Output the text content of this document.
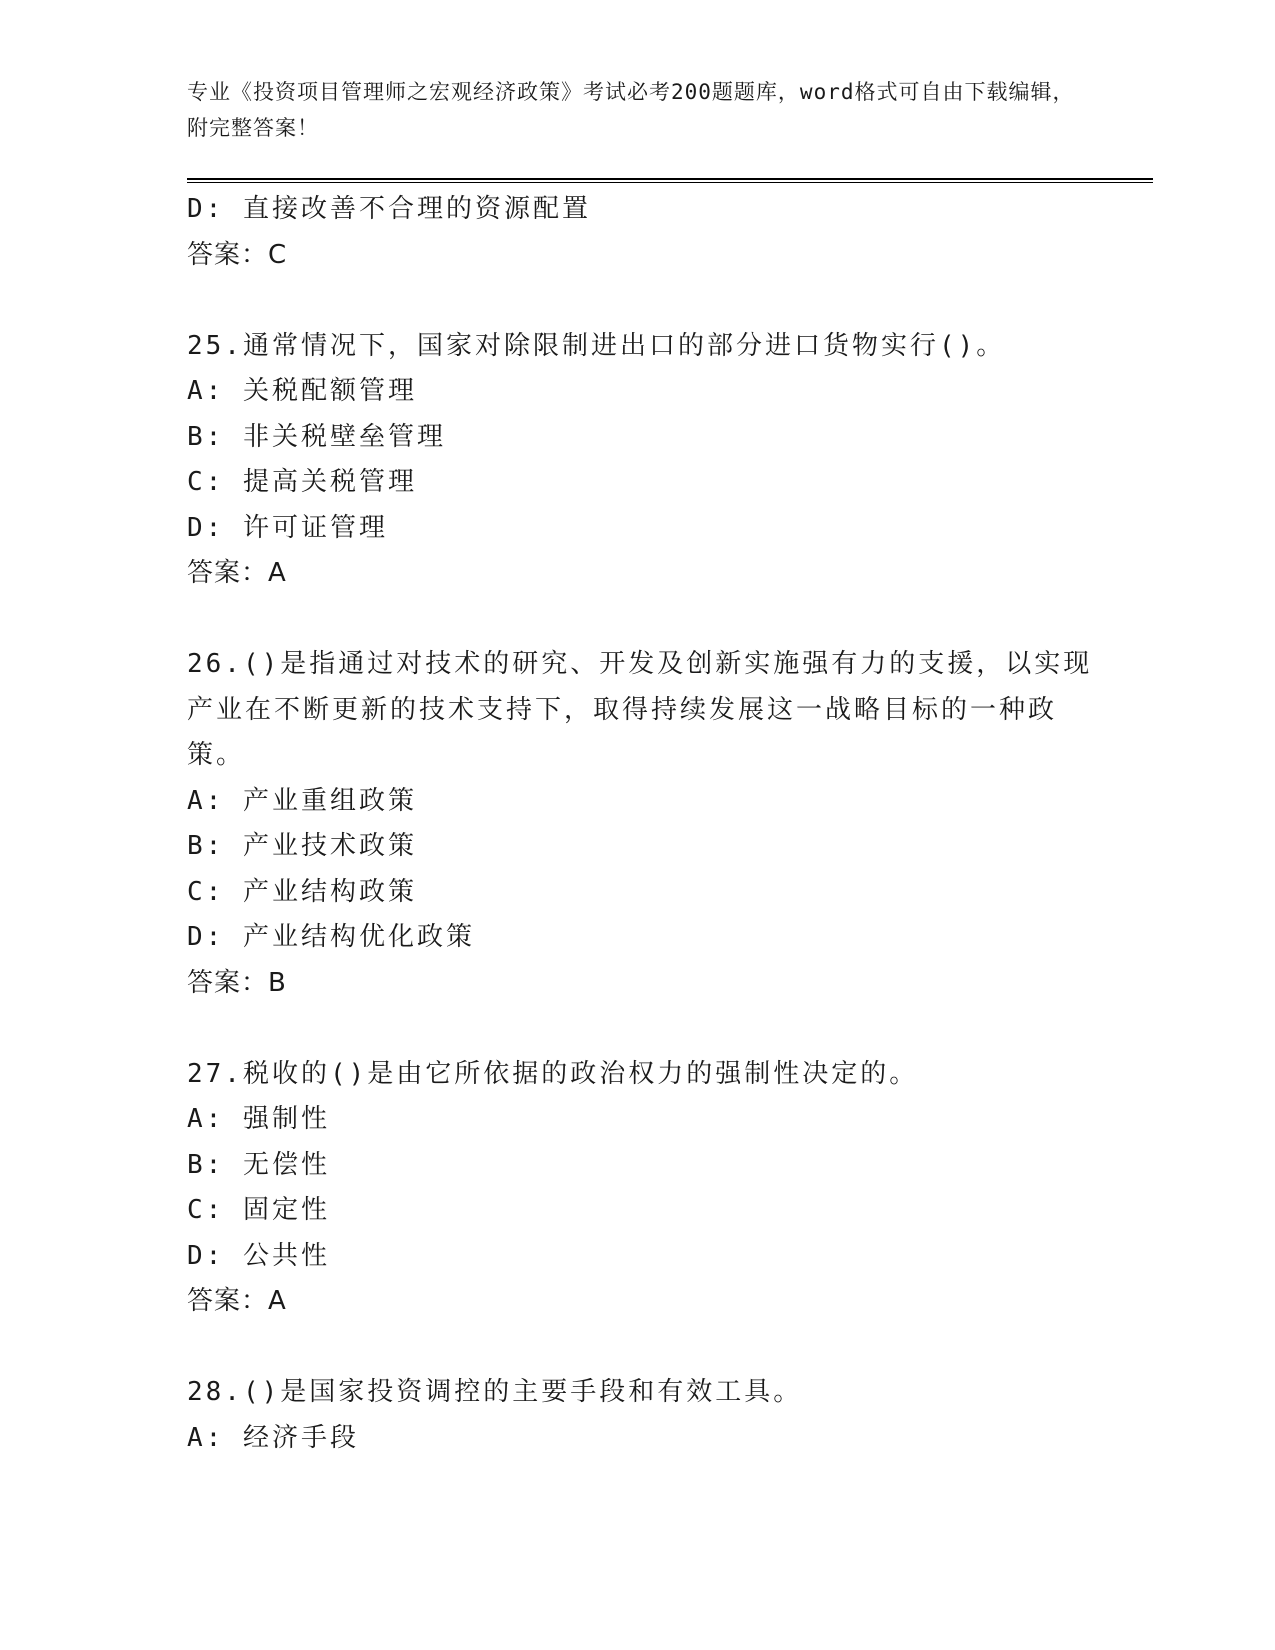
专业《投资项目管理师之宏观经济政策》考试必考200题题库，word格式可自由下载编辑，附完整答案！
D: 直接改善不合理的资源配置
答案：C
25.通常情况下，国家对除限制进出口的部分进口货物实行()。
A: 关税配额管理
B: 非关税壁垒管理
C: 提高关税管理
D: 许可证管理
答案：A
26.()是指通过对技术的研究、开发及创新实施强有力的支援，以实现
产业在不断更新的技术支持下，取得持续发展这一战略目标的一种政
策。
A: 产业重组政策
B: 产业技术政策
C: 产业结构政策
D: 产业结构优化政策
答案：B
27.税收的()是由它所依据的政治权力的强制性决定的。
A: 强制性
B: 无偿性
C: 固定性
D: 公共性
答案：A
28.()是国家投资调控的主要手段和有效工具。
A: 经济手段
